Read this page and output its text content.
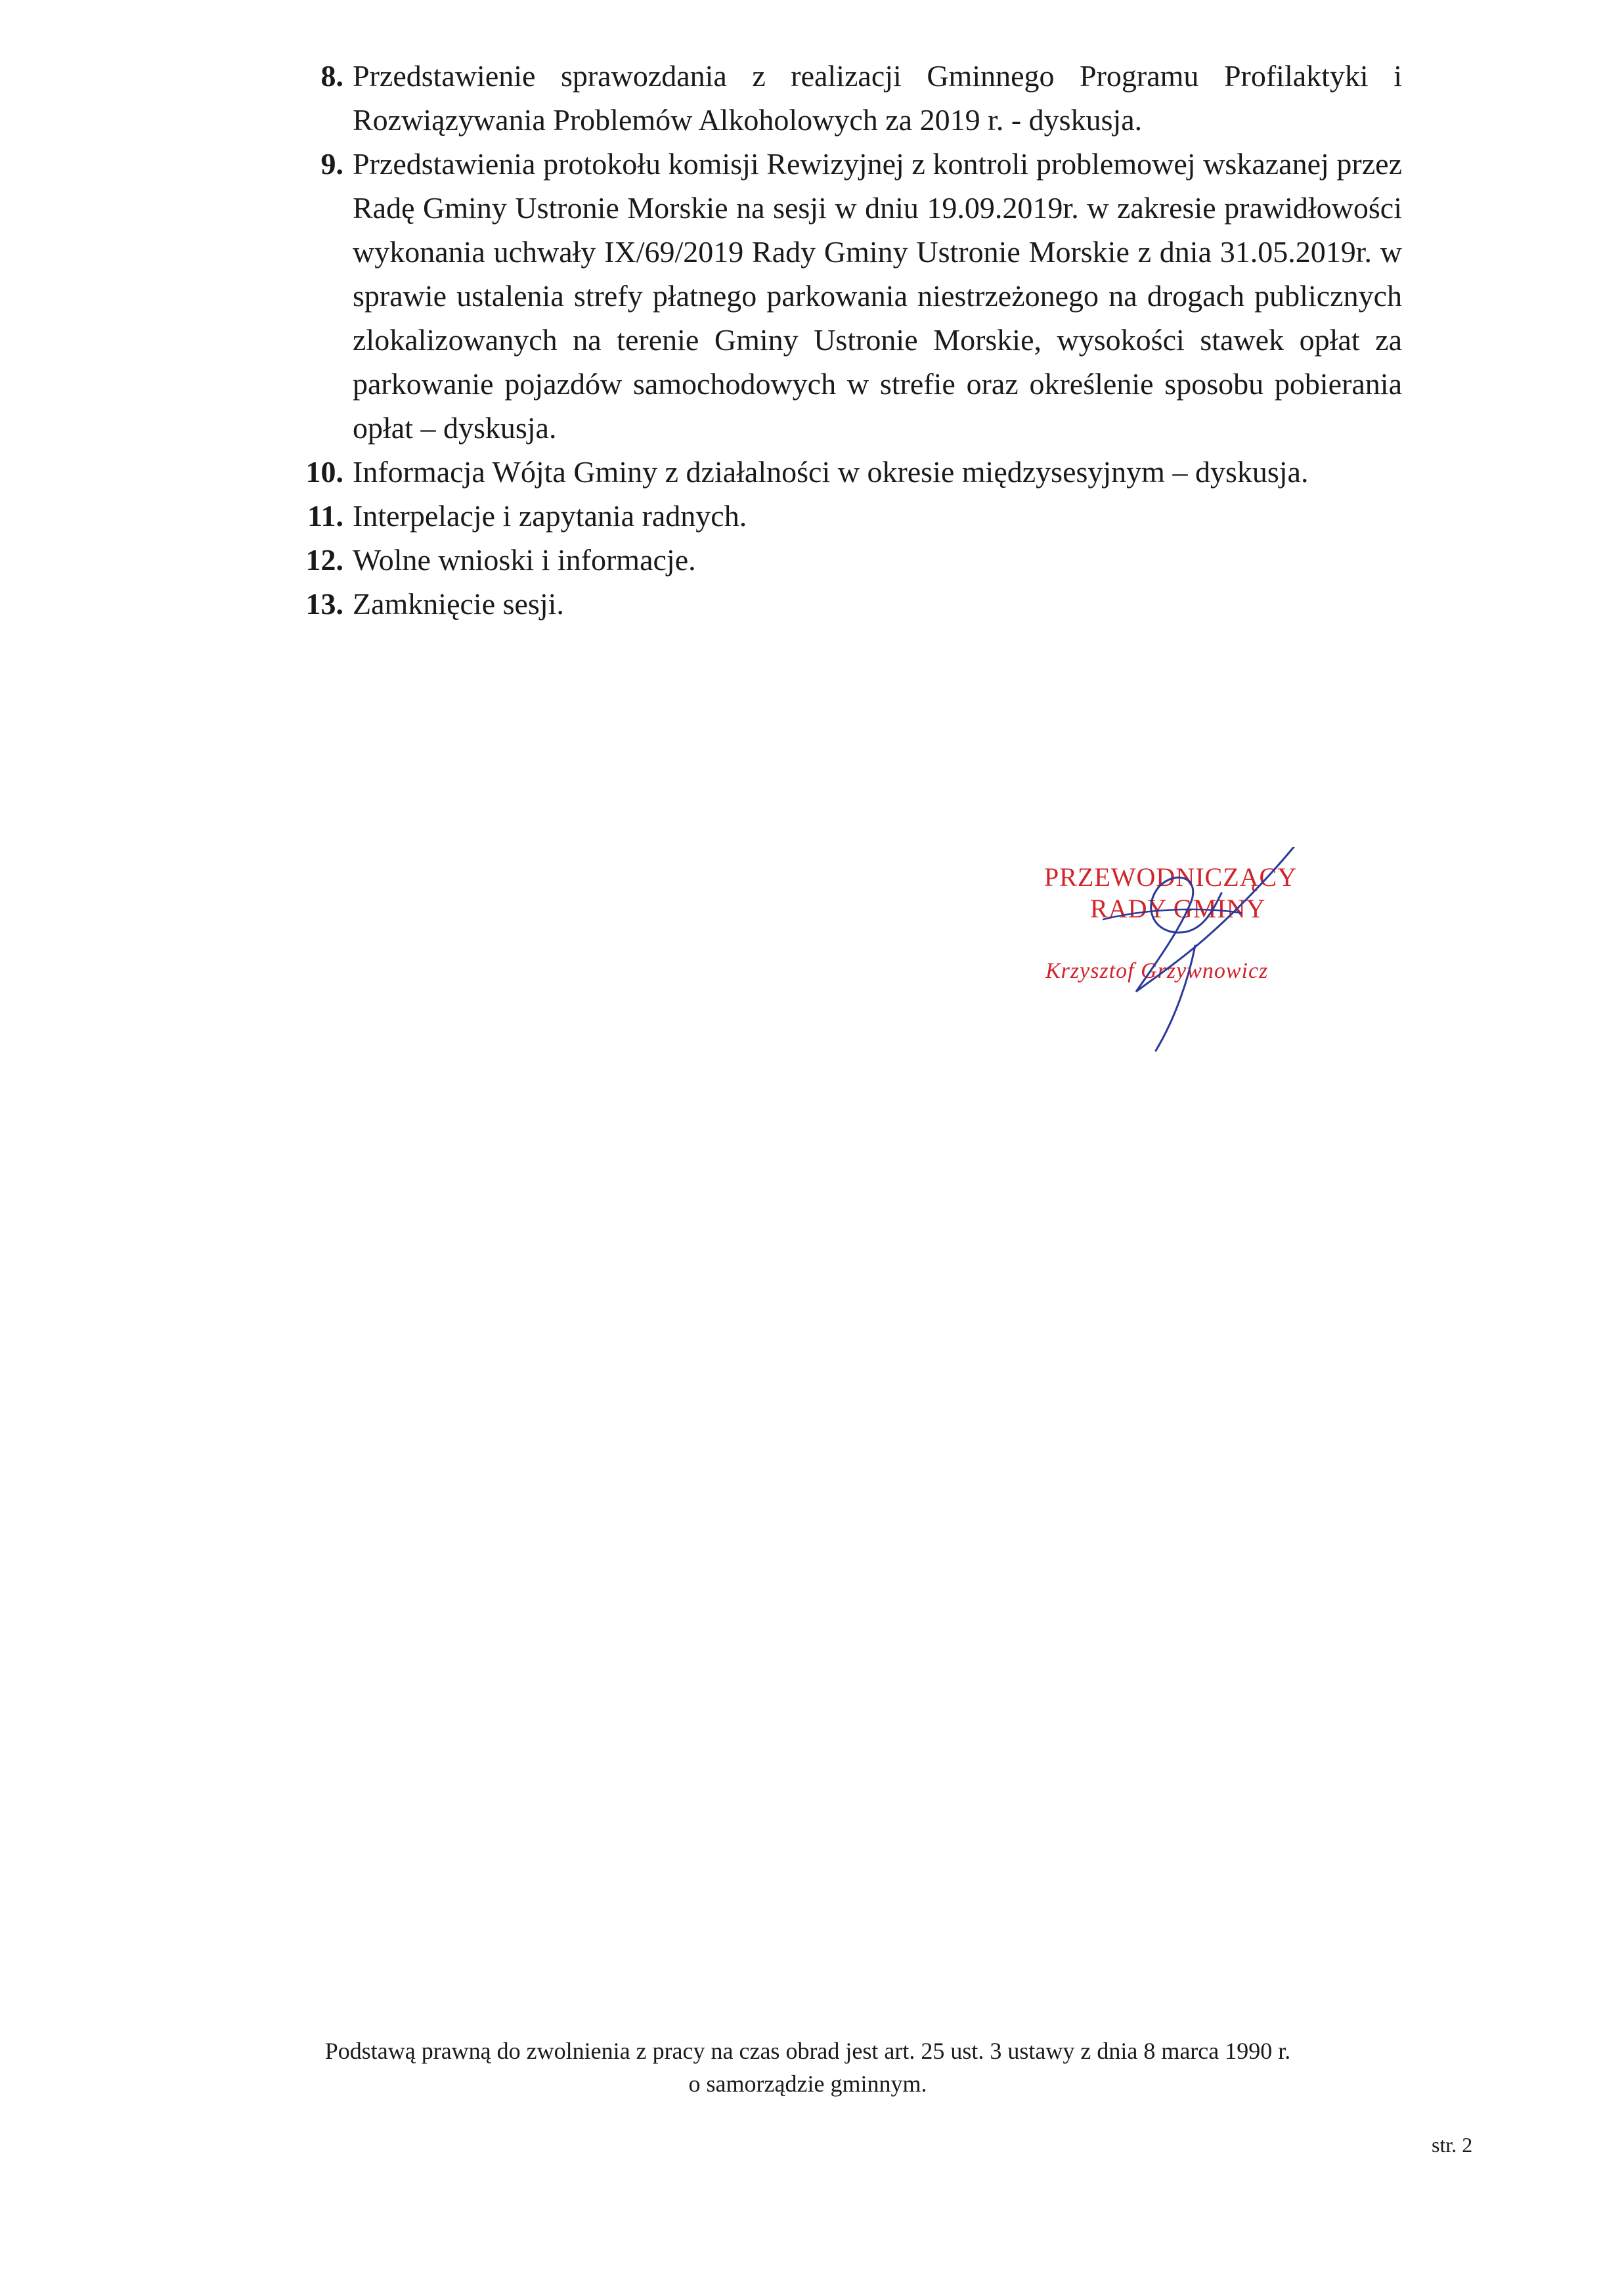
8. Przedstawienie sprawozdania z realizacji Gminnego Programu Profilaktyki i Rozwiązywania Problemów Alkoholowych za 2019 r. - dyskusja.
9. Przedstawienia protokołu komisji Rewizyjnej z kontroli problemowej wskazanej przez Radę Gminy Ustronie Morskie na sesji w dniu 19.09.2019r. w zakresie prawidłowości wykonania uchwały IX/69/2019 Rady Gminy Ustronie Morskie z dnia 31.05.2019r. w sprawie ustalenia strefy płatnego parkowania niestrzeżonego na drogach publicznych zlokalizowanych na terenie Gminy Ustronie Morskie, wysokości stawek opłat za parkowanie pojazdów samochodowych w strefie oraz określenie sposobu pobierania opłat – dyskusja.
10. Informacja Wójta Gminy z działalności w okresie międzysesyjnym – dyskusja.
11. Interpelacje i zapytania radnych.
12. Wolne wnioski i informacje.
13. Zamknięcie sesji.
PRZEWODNICZĄCY
RADY GMINY
Krzysztof Grzywnowicz
Podstawą prawną do zwolnienia z pracy na czas obrad jest art. 25 ust. 3 ustawy z dnia 8 marca 1990 r.
o samorządzie gminnym.
str. 2
